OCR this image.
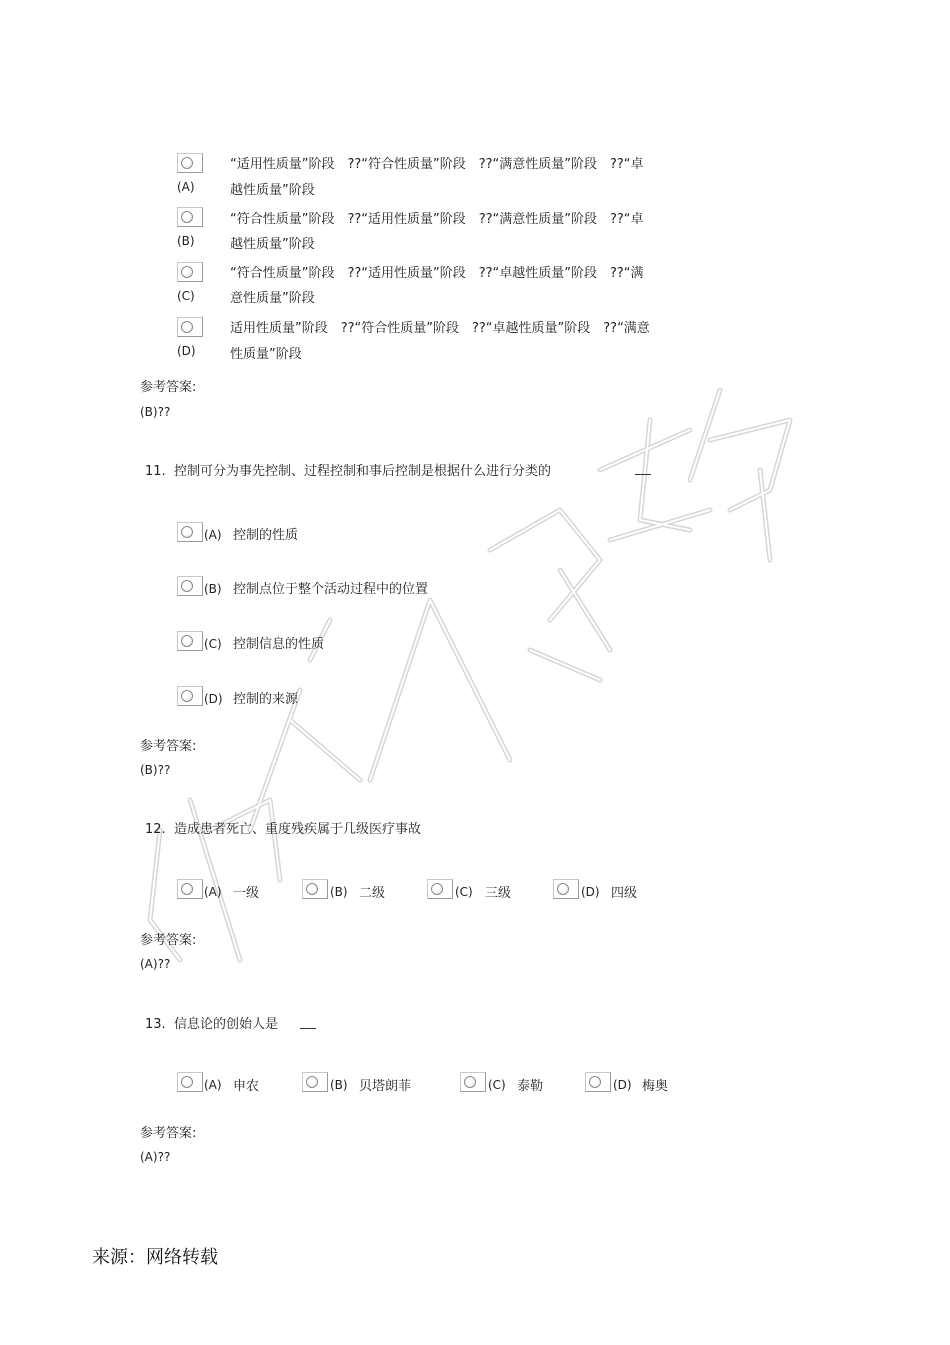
(A)
“适用性质量”阶段　??“符合性质量”阶段　??“满意性质量”阶段　??“卓
越性质量”阶段
(B)
“符合性质量”阶段　??“适用性质量”阶段　??“满意性质量”阶段　??“卓
越性质量”阶段
(C)
“符合性质量”阶段　??“适用性质量”阶段　??“卓越性质量”阶段　??“满
意性质量”阶段
(D)
适用性质量”阶段　??“符合性质量”阶段　??“卓越性质量”阶段　??“满意
性质量”阶段
参考答案:
(B)??
11. 控制可分为事先控制、过程控制和事后控制是根据什么进行分类的
(A) 控制的性质
(B) 控制点位于整个活动过程中的位置
(C) 控制信息的性质
(D) 控制的来源
参考答案:
(B)??
12. 造成患者死亡、重度残疾属于几级医疗事故
(A) 一级	(B) 二级	(C) 三级	(D) 四级
参考答案:
(A)??
13. 信息论的创始人是
(A) 申农	(B) 贝塔朗菲	(C) 泰勒	(D) 梅奥
参考答案:
(A)??
来源：网络转载
